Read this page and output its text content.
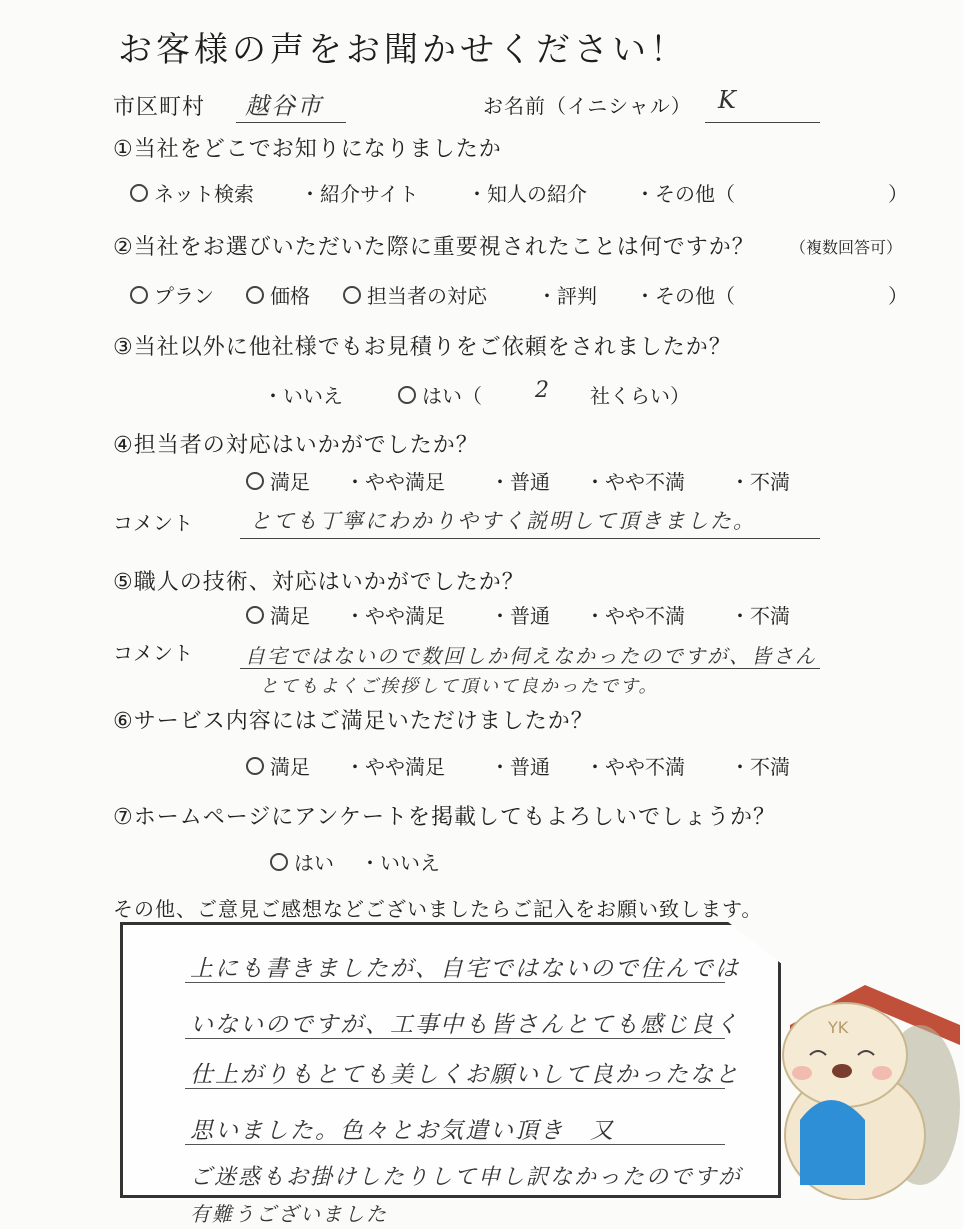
お客様の声をお聞かせください！
市区町村 越谷市	お名前（イニシャル） K
①当社をどこでお知りになりましたか
ネット検索 ・紹介サイト ・知人の紹介 ・その他（	）
②当社をお選びいただいた際に重要視されたことは何ですか？ （複数回答可）
プラン	価格	担当者の対応	・評判 ・その他（	）
③当社以外に他社様でもお見積りをご依頼をされましたか？
・いいえ	はい（ 2 社くらい）
④担当者の対応はいかがでしたか？
満足 ・やや満足 ・普通 ・やや不満 ・不満
コメント	とても丁寧にわかりやすく説明して頂きました。
⑤職人の技術、対応はいかがでしたか？
満足 ・やや満足 ・普通 ・やや不満 ・不満
コメント	自宅ではないので数回しか伺えなかったのですが、皆さん
とてもよくご挨拶して頂いて良かったです。
⑥サービス内容にはご満足いただけましたか？
満足 ・やや満足 ・普通 ・やや不満 ・不満
⑦ホームページにアンケートを掲載してもよろしいでしょうか？
はい ・いいえ
その他、ご意見ご感想などございましたらご記入をお願い致します。
上にも書きましたが、自宅ではないので住んでは
いないのですが、工事中も皆さんとても感じ良く
仕上がりもとても美しくお願いして良かったなと
思いました。色々とお気遣い頂き　又
ご迷惑もお掛けしたりして申し訳なかったのですが
有難うございました
YK
